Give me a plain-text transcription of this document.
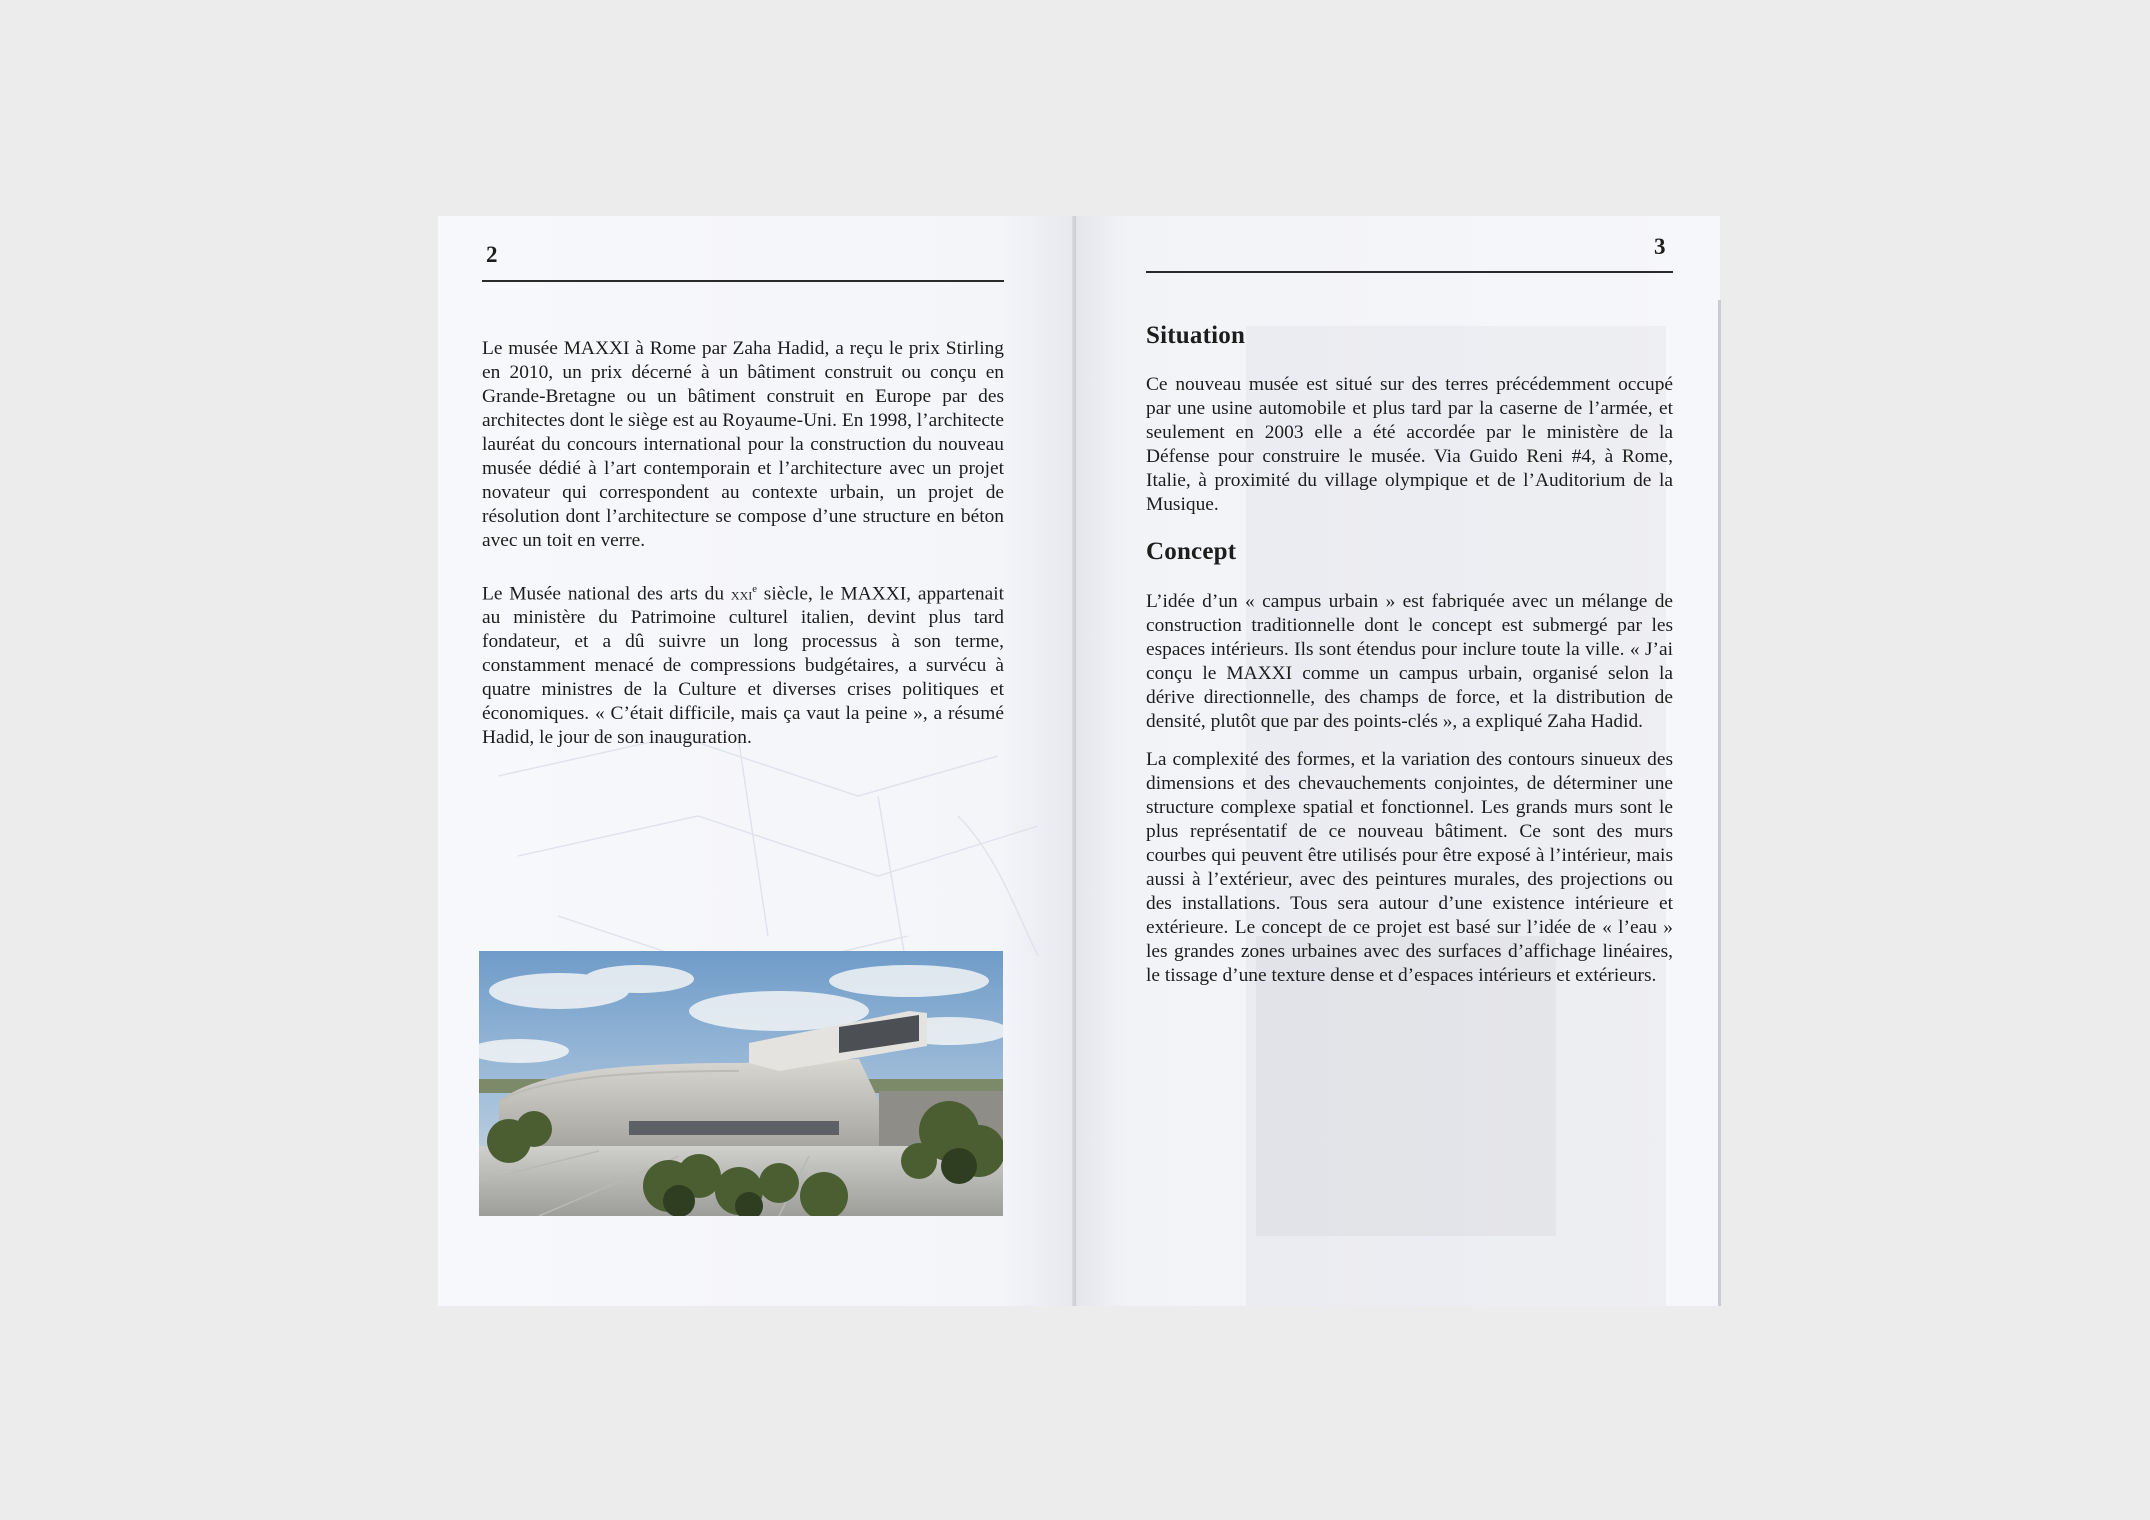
2

Le musée MAXXI à Rome par Zaha Hadid, a reçu le prix Stirling en 2010, un prix décerné à un bâtiment construit ou conçu en Grande-Bretagne ou un bâtiment construit en Europe par des architectes dont le siège est au Royaume-Uni. En 1998, l’architecte lauréat du concours international pour la construction du nouveau musée dédié à l’art contemporain et l’architecture avec un projet novateur qui correspondent au contexte urbain, un projet de résolution dont l’architecture se compose d’une structure en béton avec un toit en verre.

Le Musée national des arts du xxi$^e$ siècle, le MAXXI, appartenait au ministère du Patrimoine culturel italien, devint plus tard fondateur, et a dû suivre un long processus à son terme, constamment menacé de compressions budgétaires, a survécu à quatre ministres de la Culture et diverses crises politiques et économiques. « C’était difficile, mais ça vaut la peine », a résumé Hadid, le jour de son inauguration.

3
Situation
Ce nouveau musée est situé sur des terres précédemment occupé par une usine automobile et plus tard par la caserne de l’armée, et seulement en 2003 elle a été accordée par le ministère de la Défense pour construire le musée. Via Guido Reni #4, à Rome, Italie, à proximité du village olympique et de l’Auditorium de la Musique.
Concept

L’idée d’un « campus urbain » est fabriquée avec un mélange de construction traditionnelle dont le concept est submergé par les espaces intérieurs. Ils sont étendus pour inclure toute la ville. « J’ai conçu le MAXXI comme un campus urbain, organisé selon la dérive directionnelle, des champs de force, et la distribution de densité, plutôt que par des points-clés », a expliqué Zaha Hadid.

La complexité des formes, et la variation des contours sinueux des dimensions et des chevauchements conjointes, de déterminer une structure complexe spatial et fonctionnel. Les grands murs sont le plus représentatif de ce nouveau bâtiment. Ce sont des murs courbes qui peuvent être utilisés pour être exposé à l’intérieur, mais aussi à l’extérieur, avec des peintures murales, des projections ou des installations. Tous sera autour d’une existence intérieure et extérieure. Le concept de ce projet est basé sur l’idée de « l’eau » les grandes zones urbaines avec des surfaces d’affichage linéaires, le tissage d’une texture dense et d’espaces intérieurs et extérieurs.
